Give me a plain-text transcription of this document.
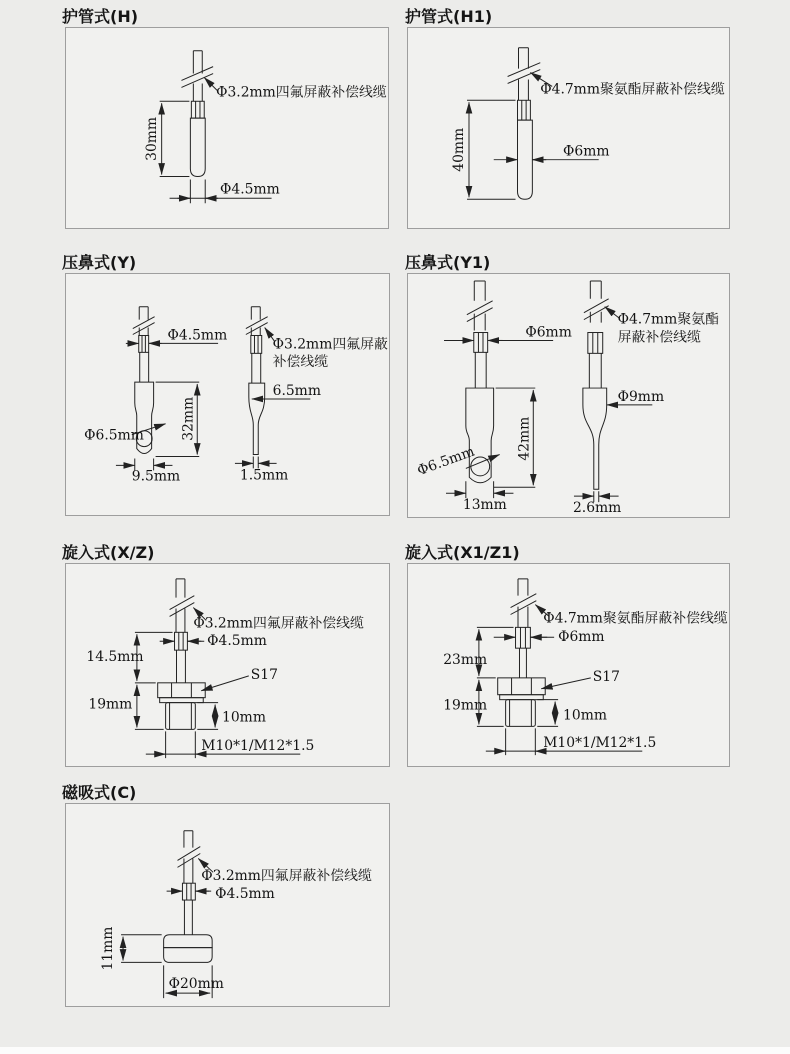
护管式(H)	护管式(H1)
压鼻式(Y)	压鼻式(Y1)
旋入式(X/Z)	旋入式(X1/Z1)
磁吸式(C)
Φ3.2mm四氟屏蔽补偿线缆
30mm
Φ4.5mm
Φ4.7mm聚氨酯屏蔽补偿线缆
40mm	Φ6mm
Φ4.5mm
32mm
Φ6.5mm
9.5mm
Φ3.2mm四氟屏蔽
补偿线缆
6.5mm
1.5mm
Φ6mm
42mm
Φ6.5mm
13mm
Φ4.7mm聚氨酯
屏蔽补偿线缆
Φ9mm
2.6mm
Φ3.2mm四氟屏蔽补偿线缆
Φ4.5mm
14.5mm
S17
19mm
10mm
M10*1/M12*1.5
Φ4.7mm聚氨酯屏蔽补偿线缆
Φ6mm
23mm
S17
19mm
10mm
M10*1/M12*1.5
Φ3.2mm四氟屏蔽补偿线缆
Φ4.5mm
11mm
Φ20mm
